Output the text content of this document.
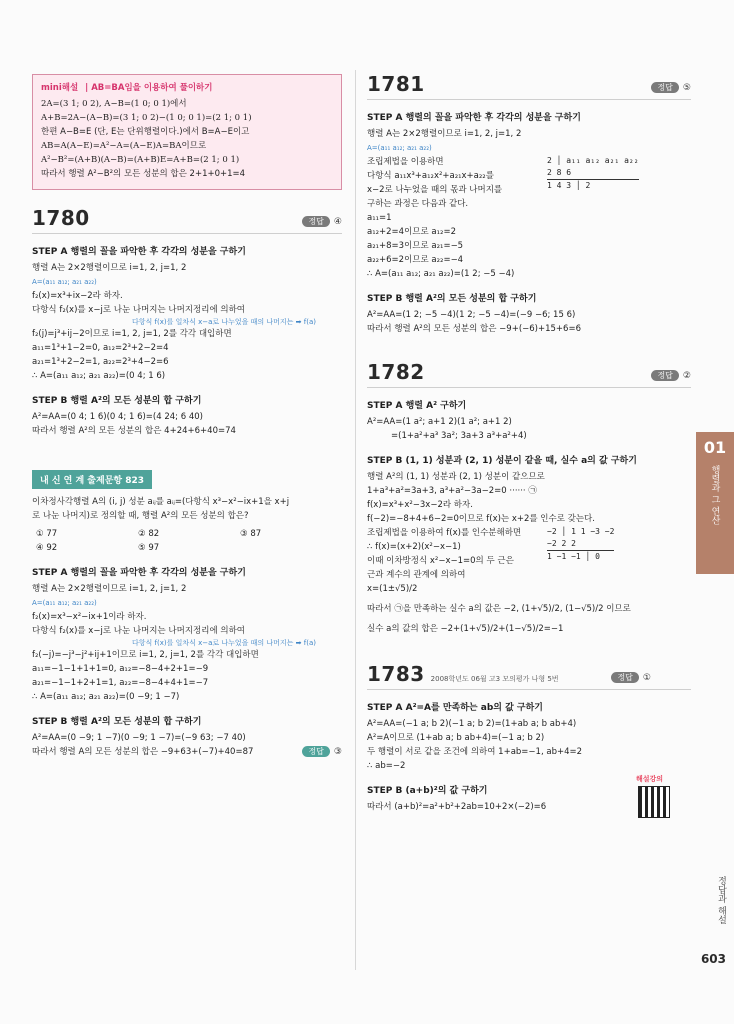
mini해설 | AB=BA임을 이용하여 풀이하기
2A=(3 1; 0 2), A−B=(1 0; 0 1)에서
A+B=2A−(A−B)=(3 1; 0 2)−(1 0; 0 1)=(2 1; 0 1)
한편 A−B=E (단, E는 단위행렬이다.)에서 B=A−E이고
AB=A(A−E)=A²−A=(A−E)A=BA이므로
A²−B²=(A+B)(A−B)=(A+B)E=A+B=(2 1; 0 1)
따라서 행렬 A²−B²의 모든 성분의 합은 2+1+0+1=4
1780	정답 ④
STEP A 행렬의 꼴을 파악한 후 각각의 성분을 구하기
행렬 A는 2×2행렬이므로 i=1, 2, j=1, 2
A=(a₁₁ a₁₂; a₂₁ a₂₂)
f₂(x)=x³+ix−2라 하자.
다항식 f₂(x)를 x−j로 나눈 나머지는 나머지정리에 의하여
다항식 f(x)를 일차식 x−a로 나누었을 때의 나머지는 ➡ f(a)
f₂(j)=j³+ij−2이므로 i=1, 2, j=1, 2를 각각 대입하면
a₁₁=1³+1−2=0, a₁₂=2³+2−2=4
a₂₁=1³+2−2=1, a₂₂=2³+4−2=6
∴ A=(a₁₁ a₁₂; a₂₁ a₂₂)=(0 4; 1 6)
STEP B 행렬 A²의 모든 성분의 합 구하기
A²=AA=(0 4; 1 6)(0 4; 1 6)=(4 24; 6 40)
따라서 행렬 A²의 모든 성분의 합은 4+24+6+40=74
내 신 연 계 출제문항 823
이차정사각행렬 A의 (i, j) 성분 aᵢⱼ를 aᵢⱼ=(다항식 x³−x²−ix+1을 x+j
로 나눈 나머지)로 정의할 때, 행렬 A²의 모든 성분의 합은?
① 77	② 82	③ 87
④ 92	⑤ 97
STEP A 행렬의 꼴을 파악한 후 각각의 성분을 구하기
행렬 A는 2×2행렬이므로 i=1, 2, j=1, 2
A=(a₁₁ a₁₂; a₂₁ a₂₂)
f₂(x)=x³−x²−ix+1이라 하자.
다항식 f₂(x)를 x−j로 나눈 나머지는 나머지정리에 의하여
다항식 f(x)를 일차식 x−a로 나누었을 때의 나머지는 ➡ f(a)
f₂(−j)=−j³−j²+ij+1이므로 i=1, 2, j=1, 2를 각각 대입하면
a₁₁=−1−1+1+1=0, a₁₂=−8−4+2+1=−9
a₂₁=−1−1+2+1=1, a₂₂=−8−4+4+1=−7
∴ A=(a₁₁ a₁₂; a₂₁ a₂₂)=(0 −9; 1 −7)
STEP B 행렬 A²의 모든 성분의 합 구하기
A²=AA=(0 −9; 1 −7)(0 −9; 1 −7)=(−9 63; −7 40)
따라서 행렬 A의 모든 성분의 합은 −9+63+(−7)+40=87	정답 ③
1781	정답 ⑤
STEP A 행렬의 꼴을 파악한 후 각각의 성분을 구하기
행렬 A는 2×2행렬이므로 i=1, 2, j=1, 2
A=(a₁₁ a₁₂; a₂₁ a₂₂)
조립제법을 이용하면
다항식 a₁₁x³+a₁₂x²+a₂₁x+a₂₂를
x−2로 나누었을 때의 몫과 나머지를
구하는 과정은 다음과 같다.
2 │ a₁₁ a₁₂ a₂₁ a₂₂
2 8 6
1 4 3 │ 2
a₁₁=1
a₁₂+2=4이므로 a₁₂=2
a₂₁+8=3이므로 a₂₁=−5
a₂₂+6=2이므로 a₂₂=−4
∴ A=(a₁₁ a₁₂; a₂₁ a₂₂)=(1 2; −5 −4)
STEP B 행렬 A²의 모든 성분의 합 구하기
A²=AA=(1 2; −5 −4)(1 2; −5 −4)=(−9 −6; 15 6)
따라서 행렬 A²의 모든 성분의 합은 −9+(−6)+15+6=6
1782	정답 ②
STEP A 행렬 A² 구하기
A²=AA=(1 a²; a+1 2)(1 a²; a+1 2)
=(1+a²+a³ 3a²; 3a+3 a³+a²+4)
STEP B (1, 1) 성분과 (2, 1) 성분이 같을 때, 실수 a의 값 구하기
행렬 A²의 (1, 1) 성분과 (2, 1) 성분이 같으므로
1+a³+a²=3a+3, a³+a²−3a−2=0 ······ ㉠
f(x)=x³+x²−3x−2라 하자.
f(−2)=−8+4+6−2=0이므로 f(x)는 x+2를 인수로 갖는다.
조립제법을 이용하여 f(x)를 인수분해하면
∴ f(x)=(x+2)(x²−x−1)
이때 이차방정식 x²−x−1=0의 두 근은
근과 계수의 관계에 의하여
−2 │ 1 1 −3 −2
−2 2 2
1 −1 −1 │ 0
x=(1±√5)/2
따라서 ㉠을 만족하는 실수 a의 값은 −2, (1+√5)/2, (1−√5)/2 이므로
실수 a의 값의 합은 −2+(1+√5)/2+(1−√5)/2=−1
1783 2008학년도 06월 고3 모의평가 나형 5번	정답 ①
STEP A A²=A를 만족하는 ab의 값 구하기
A²=AA=(−1 a; b 2)(−1 a; b 2)=(1+ab a; b ab+4)
A²=A이므로 (1+ab a; b ab+4)=(−1 a; b 2)
두 행렬이 서로 같을 조건에 의하여 1+ab=−1, ab+4=2
∴ ab=−2
STEP B (a+b)²의 값 구하기
따라서 (a+b)²=a²+b²+2ab=10+2×(−2)=6
해설강의
01
행렬과 그 연산
정답과 해설
603
